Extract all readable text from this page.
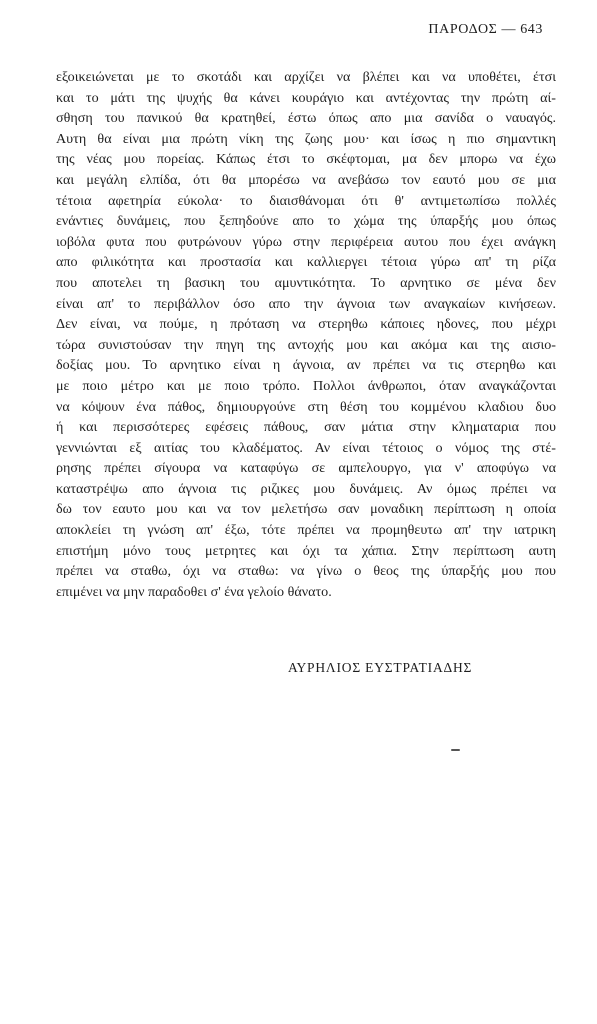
ΠΑΡΟΔΟΣ — 643
εξοικειώνεται με το σκοτάδι και αρχίζει να βλέπει και να υποθέτει, έτσι
και το μάτι της ψυχής θα κάνει κουράγιο και αντέχοντας την πρώτη αί-
σθηση του πανικού θα κρατηθεί, έστω όπως απο μια σανίδα ο ναυαγός.
Αυτη θα είναι μια πρώτη νίκη της ζωης μου· και ίσως η πιο σημαντικη
της νέας μου πορείας. Κάπως έτσι το σκέφτομαι, μα δεν μπορω να έχω
και μεγάλη ελπίδα, ότι θα μπορέσω να ανεβάσω τον εαυτό μου σε μια
τέτοια αφετηρία εύκολα· το διαισθάνομαι ότι θ' αντιμετωπίσω πολλές
ενάντιες δυνάμεις, που ξεπηδούνε απο το χώμα της ύπαρξής μου όπως
ιοβόλα φυτα που φυτρώνουν γύρω στην περιφέρεια αυτου που έχει ανάγκη
απο φιλικότητα και προστασία και καλλιεργει τέτοια γύρω απ' τη ρίζα
που αποτελει τη βασικη του αμυντικότητα. Το αρνητικο σε μένα δεν
είναι απ' το περιβάλλον όσο απο την άγνοια των αναγκαίων κινήσεων.
Δεν είναι, να πούμε, η πρόταση να στερηθω κάποιες ηδονες, που μέχρι
τώρα συνιστούσαν την πηγη της αντοχής μου και ακόμα και της αισιο-
δοξίας μου. Το αρνητικο είναι η άγνοια, αν πρέπει να τις στερηθω και
με ποιο μέτρο και με ποιο τρόπο. Πολλοι άνθρωποι, όταν αναγκάζονται
να κόψουν ένα πάθος, δημιουργούνε στη θέση του κομμένου κλαδιου δυο
ή και περισσότερες εφέσεις πάθους, σαν μάτια στην κληματαρια που
γεννιώνται εξ αιτίας του κλαδέματος. Αν είναι τέτοιος ο νόμος της στέ-
ρησης πρέπει σίγουρα να καταφύγω σε αμπελουργο, για ν' αποφύγω να
καταστρέψω απο άγνοια τις ριζικες μου δυνάμεις. Αν όμως πρέπει να
δω τον εαυτο μου και να τον μελετήσω σαν μοναδικη περίπτωση η οποία
αποκλείει τη γνώση απ' έξω, τότε πρέπει να προμηθευτω απ' την ιατρικη
επιστήμη μόνο τους μετρητες και όχι τα χάπια. Στην περίπτωση αυτη
πρέπει να σταθω, όχι να σταθω: να γίνω ο θεος της ύπαρξής μου που
επιμένει να μην παραδοθει σ' ένα γελοίο θάνατο.
ΑΥΡΗΛΙΟΣ ΕΥΣΤΡΑΤΙΑΔΗΣ
